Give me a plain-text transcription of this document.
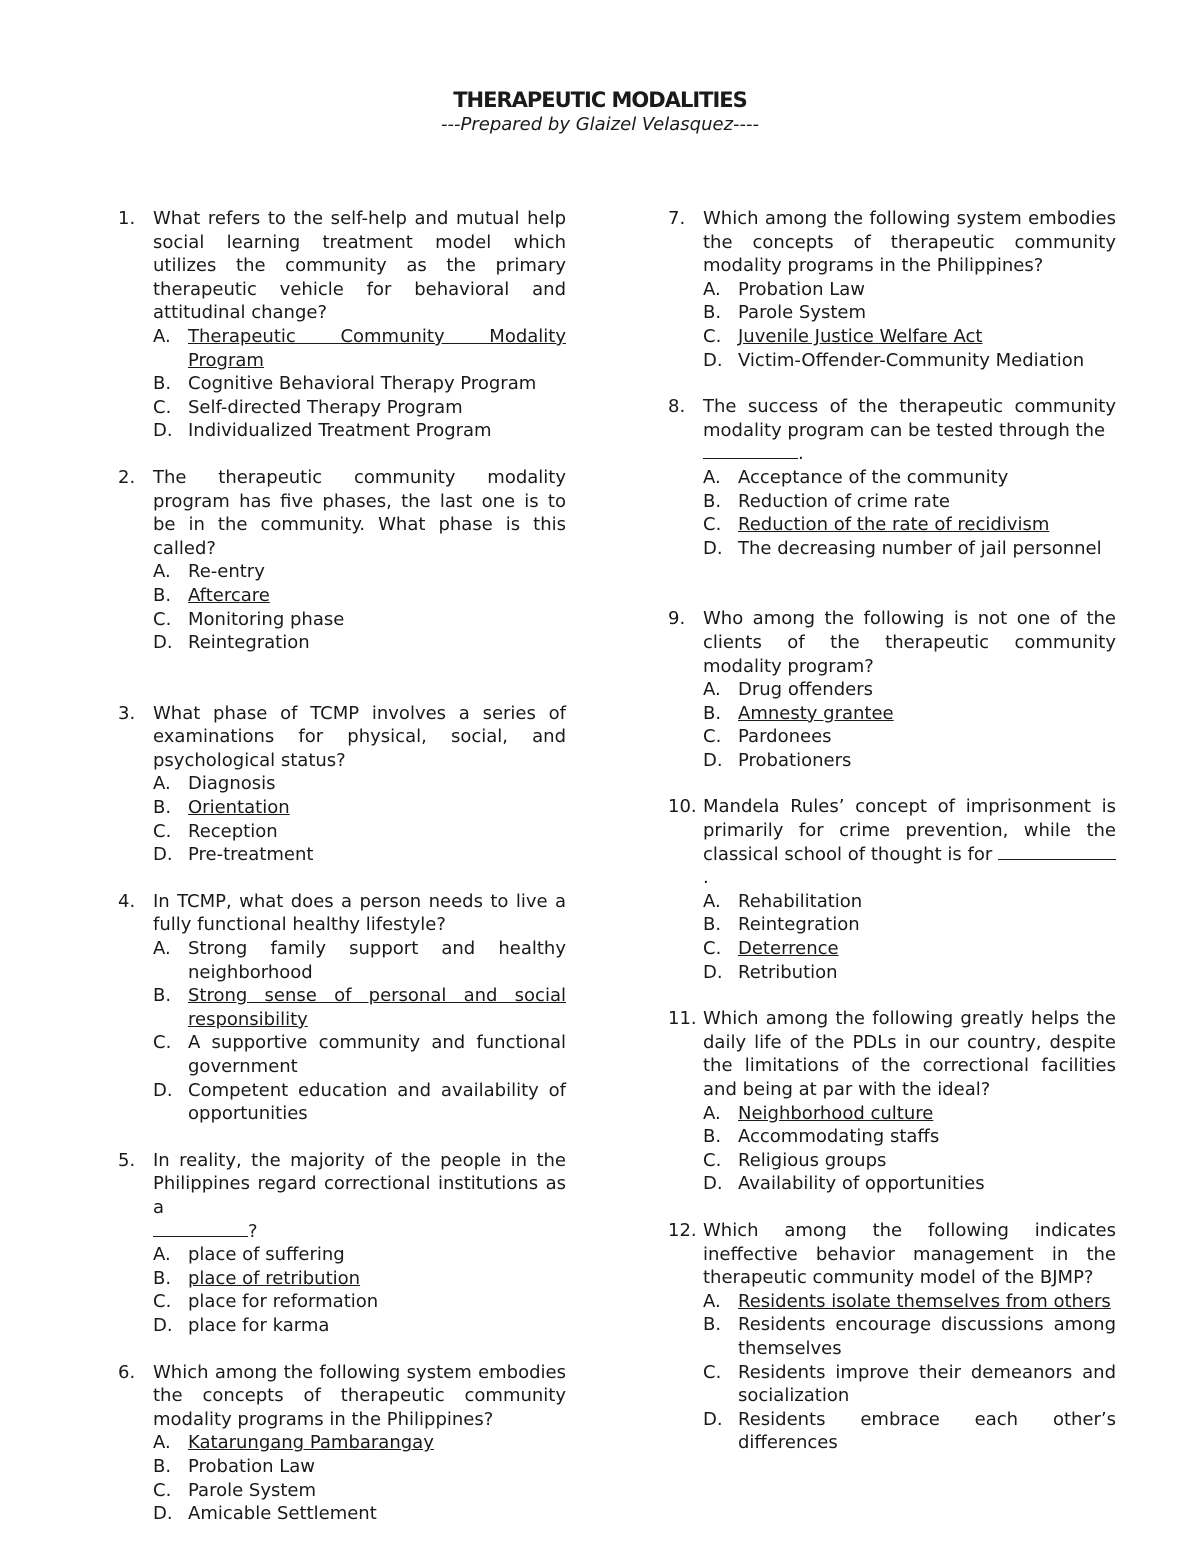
THERAPEUTIC MODALITIES
---Prepared by Glaizel Velasquez----
1. What refers to the self-help and mutual help social learning treatment model which utilizes the community as the primary therapeutic vehicle for behavioral and attitudinal change?
A. Therapeutic Community Modality Program
B. Cognitive Behavioral Therapy Program
C. Self-directed Therapy Program
D. Individualized Treatment Program
2. The therapeutic community modality program has five phases, the last one is to be in the community. What phase is this called?
A. Re-entry
B. Aftercare
C. Monitoring phase
D. Reintegration
3. What phase of TCMP involves a series of examinations for physical, social, and psychological status?
A. Diagnosis
B. Orientation
C. Reception
D. Pre-treatment
4. In TCMP, what does a person needs to live a fully functional healthy lifestyle?
A. Strong family support and healthy neighborhood
B. Strong sense of personal and social responsibility
C. A supportive community and functional government
D. Competent education and availability of opportunities
5. In reality, the majority of the people in the Philippines regard correctional institutions as a
?
A. place of suffering
B. place of retribution
C. place for reformation
D. place for karma
6. Which among the following system embodies the concepts of therapeutic community modality programs in the Philippines?
A. Katarungang Pambarangay
B. Probation Law
C. Parole System
D. Amicable Settlement
7. Which among the following system embodies the concepts of therapeutic community modality programs in the Philippines?
A. Probation Law
B. Parole System
C. Juvenile Justice Welfare Act
D. Victim-Offender-Community Mediation
8. The success of the therapeutic community modality program can be tested through the
.
A. Acceptance of the community
B. Reduction of crime rate
C. Reduction of the rate of recidivism
D. The decreasing number of jail personnel
9. Who among the following is not one of the clients of the therapeutic community modality program?
A. Drug offenders
B. Amnesty grantee
C. Pardonees
D. Probationers
10. Mandela Rules’ concept of imprisonment is primarily for crime prevention, while the classical school of thought is for .
A. Rehabilitation
B. Reintegration
C. Deterrence
D. Retribution
11. Which among the following greatly helps the daily life of the PDLs in our country, despite the limitations of the correctional facilities and being at par with the ideal?
A. Neighborhood culture
B. Accommodating staffs
C. Religious groups
D. Availability of opportunities
12. Which among the following indicates ineffective behavior management in the therapeutic community model of the BJMP?
A. Residents isolate themselves from others
B. Residents encourage discussions among themselves
C. Residents improve their demeanors and socialization
D. Residents embrace each other’s differences
